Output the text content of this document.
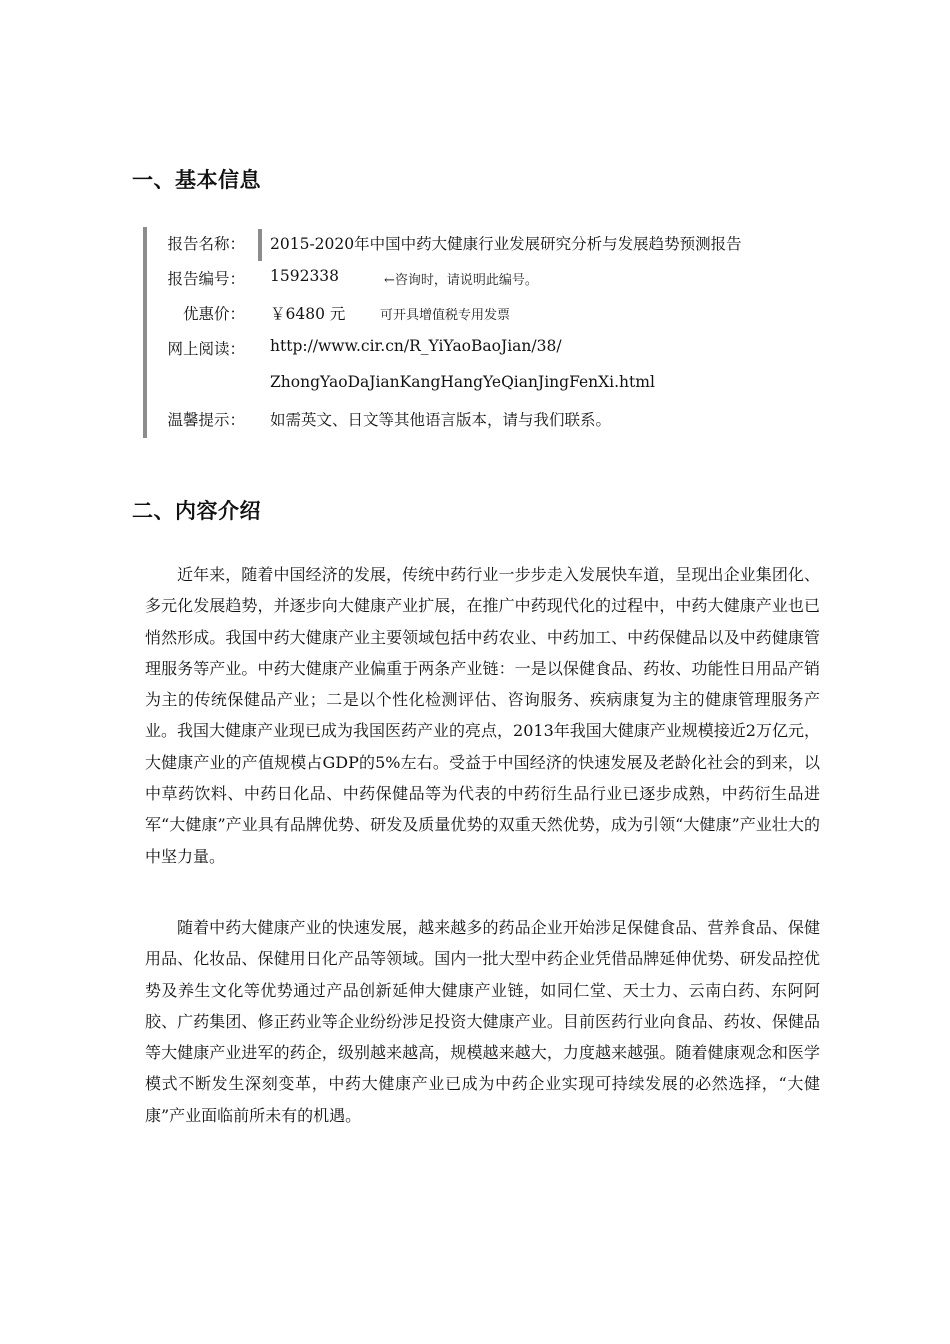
一、基本信息
报告名称： 2015-2020年中国中药大健康行业发展研究分析与发展趋势预测报告
报告编号： 1592338	←咨询时，请说明此编号。
优惠价： ￥6480 元	可开具增值税专用发票
网上阅读： http://www.cir.cn/R_YiYaoBaoJian/38/
ZhongYaoDaJianKangHangYeQianJingFenXi.html
温馨提示： 如需英文、日文等其他语言版本，请与我们联系。
二、内容介绍

近年来，随着中国经济的发展，传统中药行业一步步走入发展快车道，呈现出企业集团化、多元化发展趋势，并逐步向大健康产业扩展，在推广中药现代化的过程中，中药大健康产业也已悄然形成。我国中药大健康产业主要领域包括中药农业、中药加工、中药保健品以及中药健康管理服务等产业。中药大健康产业偏重于两条产业链：一是以保健食品、药妆、功能性日用品产销为主的传统保健品产业；二是以个性化检测评估、咨询服务、疾病康复为主的健康管理服务产业。我国大健康产业现已成为我国医药产业的亮点，2013年我国大健康产业规模接近2万亿元，大健康产业的产值规模占GDP的5%左右。受益于中国经济的快速发展及老龄化社会的到来，以中草药饮料、中药日化品、中药保健品等为代表的中药衍生品行业已逐步成熟，中药衍生品进军“大健康”产业具有品牌优势、研发及质量优势的双重天然优势，成为引领“大健康”产业壮大的中坚力量。

随着中药大健康产业的快速发展，越来越多的药品企业开始涉足保健食品、营养食品、保健用品、化妆品、保健用日化产品等领域。国内一批大型中药企业凭借品牌延伸优势、研发品控优势及养生文化等优势通过产品创新延伸大健康产业链，如同仁堂、天士力、云南白药、东阿阿胶、广药集团、修正药业等企业纷纷涉足投资大健康产业。目前医药行业向食品、药妆、保健品等大健康产业进军的药企，级别越来越高，规模越来越大，力度越来越强。随着健康观念和医学模式不断发生深刻变革，中药大健康产业已成为中药企业实现可持续发展的必然选择，“大健康”产业面临前所未有的机遇。
